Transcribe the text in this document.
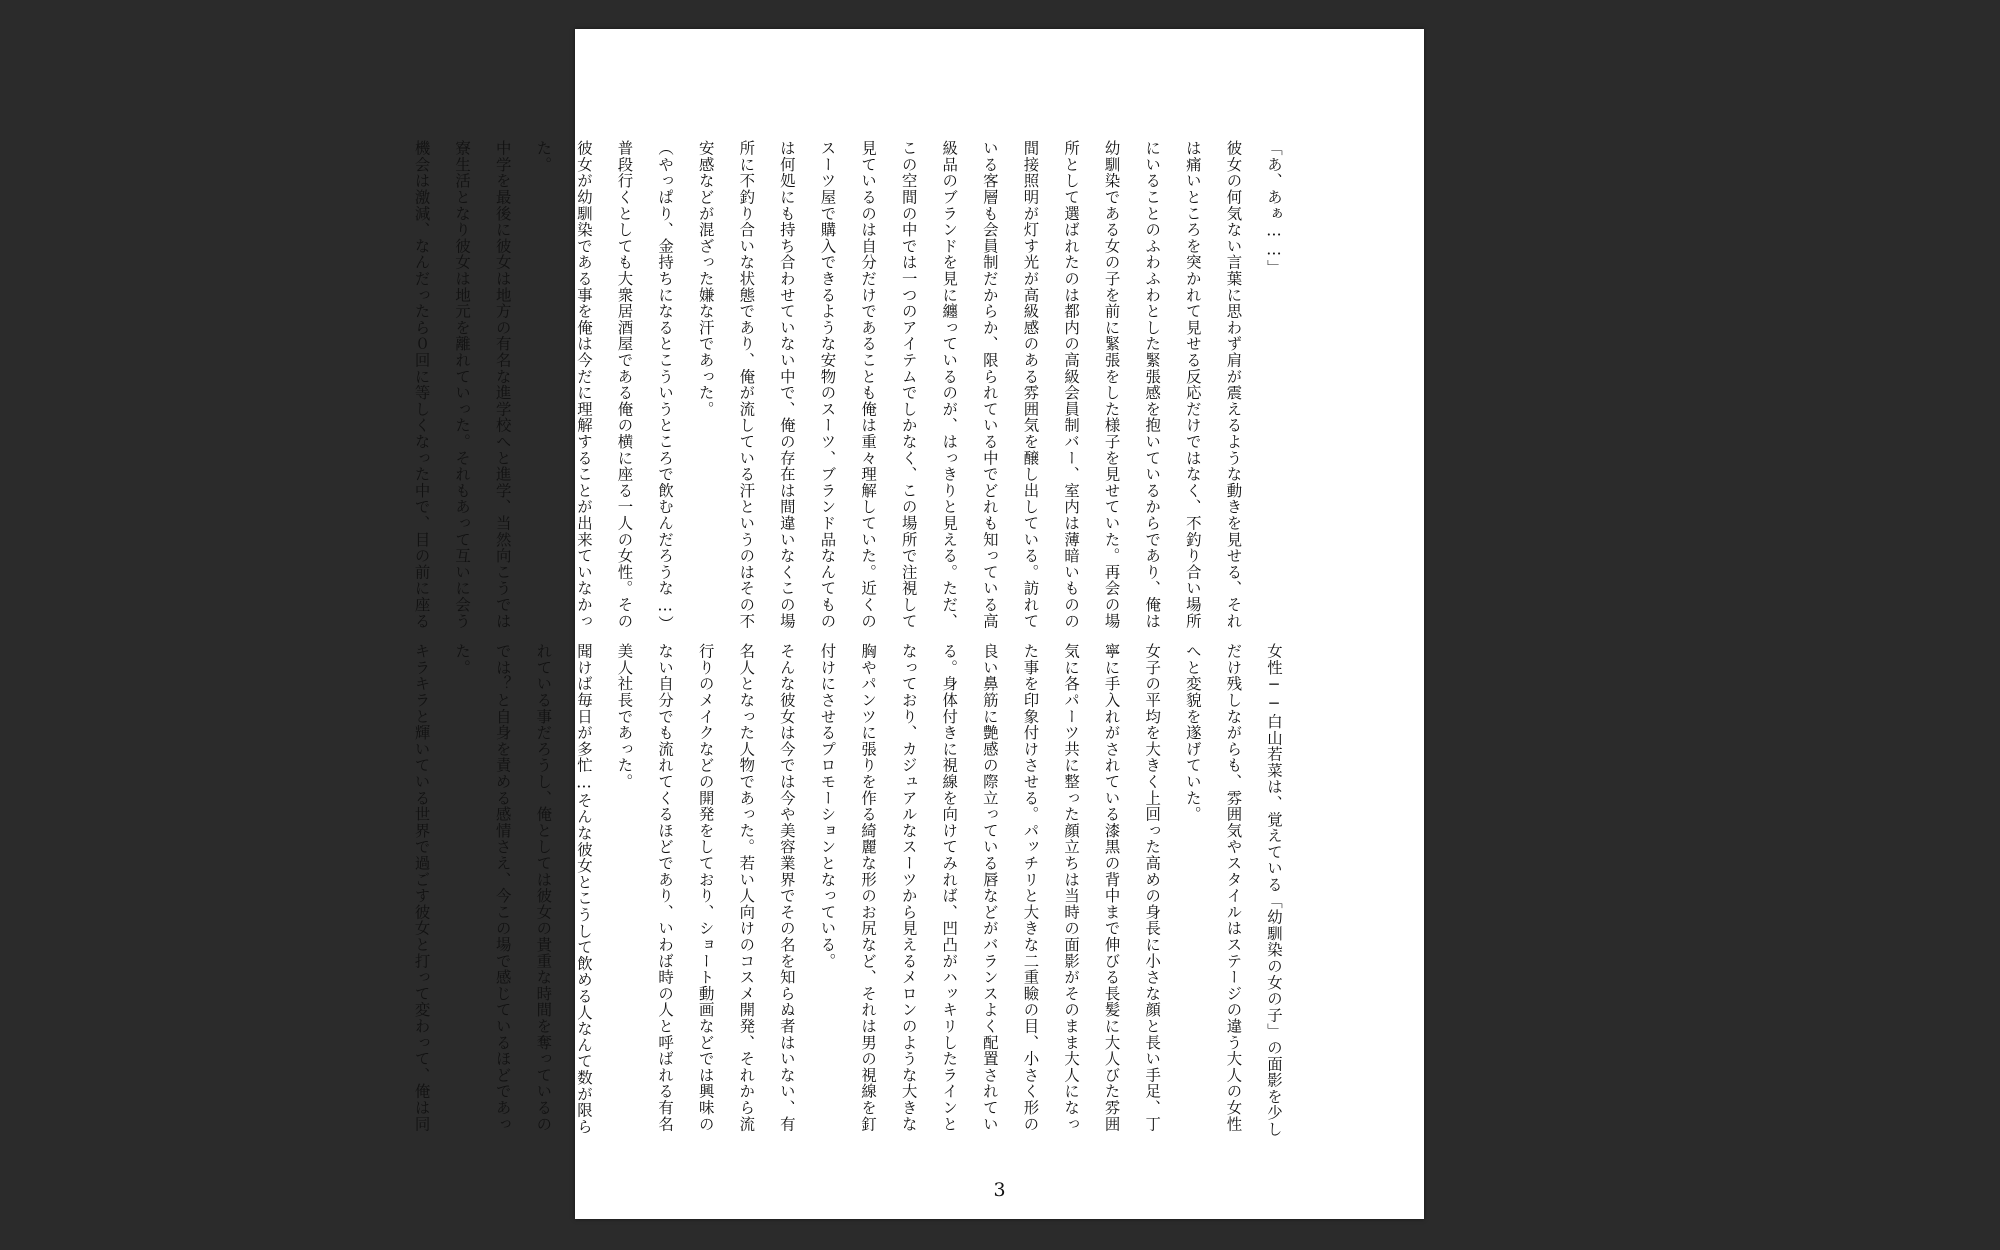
「あ、あぁ……」

彼女の何気ない言葉に思わず肩が震えるような動きを見せる、それは痛いところを突かれて見せる反応だけではなく、不釣り合い場所にいることのふわふわとした緊張感を抱いているからであり、俺は幼馴染である女の子を前に緊張をした様子を見せていた。再会の場所として選ばれたのは都内の高級会員制バー、室内は薄暗いものの間接照明が灯す光が高級感のある雰囲気を醸し出している。訪れている客層も会員制だからか、限られている中でどれも知っている高級品のブランドを見に纏っているのが、はっきりと見える。ただ、この空間の中では一つのアイテムでしかなく、この場所で注視して見ているのは自分だけであることも俺は重々理解していた。近くのスーツ屋で購入できるような安物のスーツ、ブランド品なんてものは何処にも持ち合わせていない中で、俺の存在は間違いなくこの場所に不釣り合いな状態であり、俺が流している汗というのはその不安感などが混ざった嫌な汗であった。

（やっぱり、金持ちになるとこういうところで飲むんだろうな…）

普段行くとしても大衆居酒屋である俺の横に座る一人の女性。その彼女が幼馴染である事を俺は今だに理解することが出来ていなかった。

中学を最後に彼女は地方の有名な進学校へと進学、当然向こうでは寮生活となり彼女は地元を離れていった。それもあって互いに会う機会は激減、なんだったら０回に等しくなった中で、目の前に座る

女性──白山若菜は、覚えている「幼馴染の女の子」の面影を少しだけ残しながらも、雰囲気やスタイルはステージの違う大人の女性へと変貌を遂げていた。

女子の平均を大きく上回った高めの身長に小さな顔と長い手足、丁寧に手入れがされている漆黒の背中まで伸びる長髪に大人びた雰囲気に各パーツ共に整った顔立ちは当時の面影がそのまま大人になった事を印象付けさせる。パッチリと大きな二重瞼の目、小さく形の良い鼻筋に艶感の際立っている唇などがバランスよく配置されている。身体付きに視線を向けてみれば、凹凸がハッキリしたラインとなっており、カジュアルなスーツから見えるメロンのような大きな胸やパンツに張りを作る綺麗な形のお尻など、それは男の視線を釘付けにさせるプロモーションとなっている。

そんな彼女は今では今や美容業界でその名を知らぬ者はいない、有名人となった人物であった。若い人向けのコスメ開発、それから流行りのメイクなどの開発をしており、ショート動画などでは興味のない自分でも流れてくるほどであり、いわば時の人と呼ばれる有名美人社長であった。

聞けば毎日が多忙…そんな彼女とこうして飲める人なんて数が限られている事だろうし、俺としては彼女の貴重な時間を奪っているのでは？と自身を責める感情さえ、今この場で感じているほどであった。

キラキラと輝いている世界で過ごす彼女と打って変わって、俺は同

3
